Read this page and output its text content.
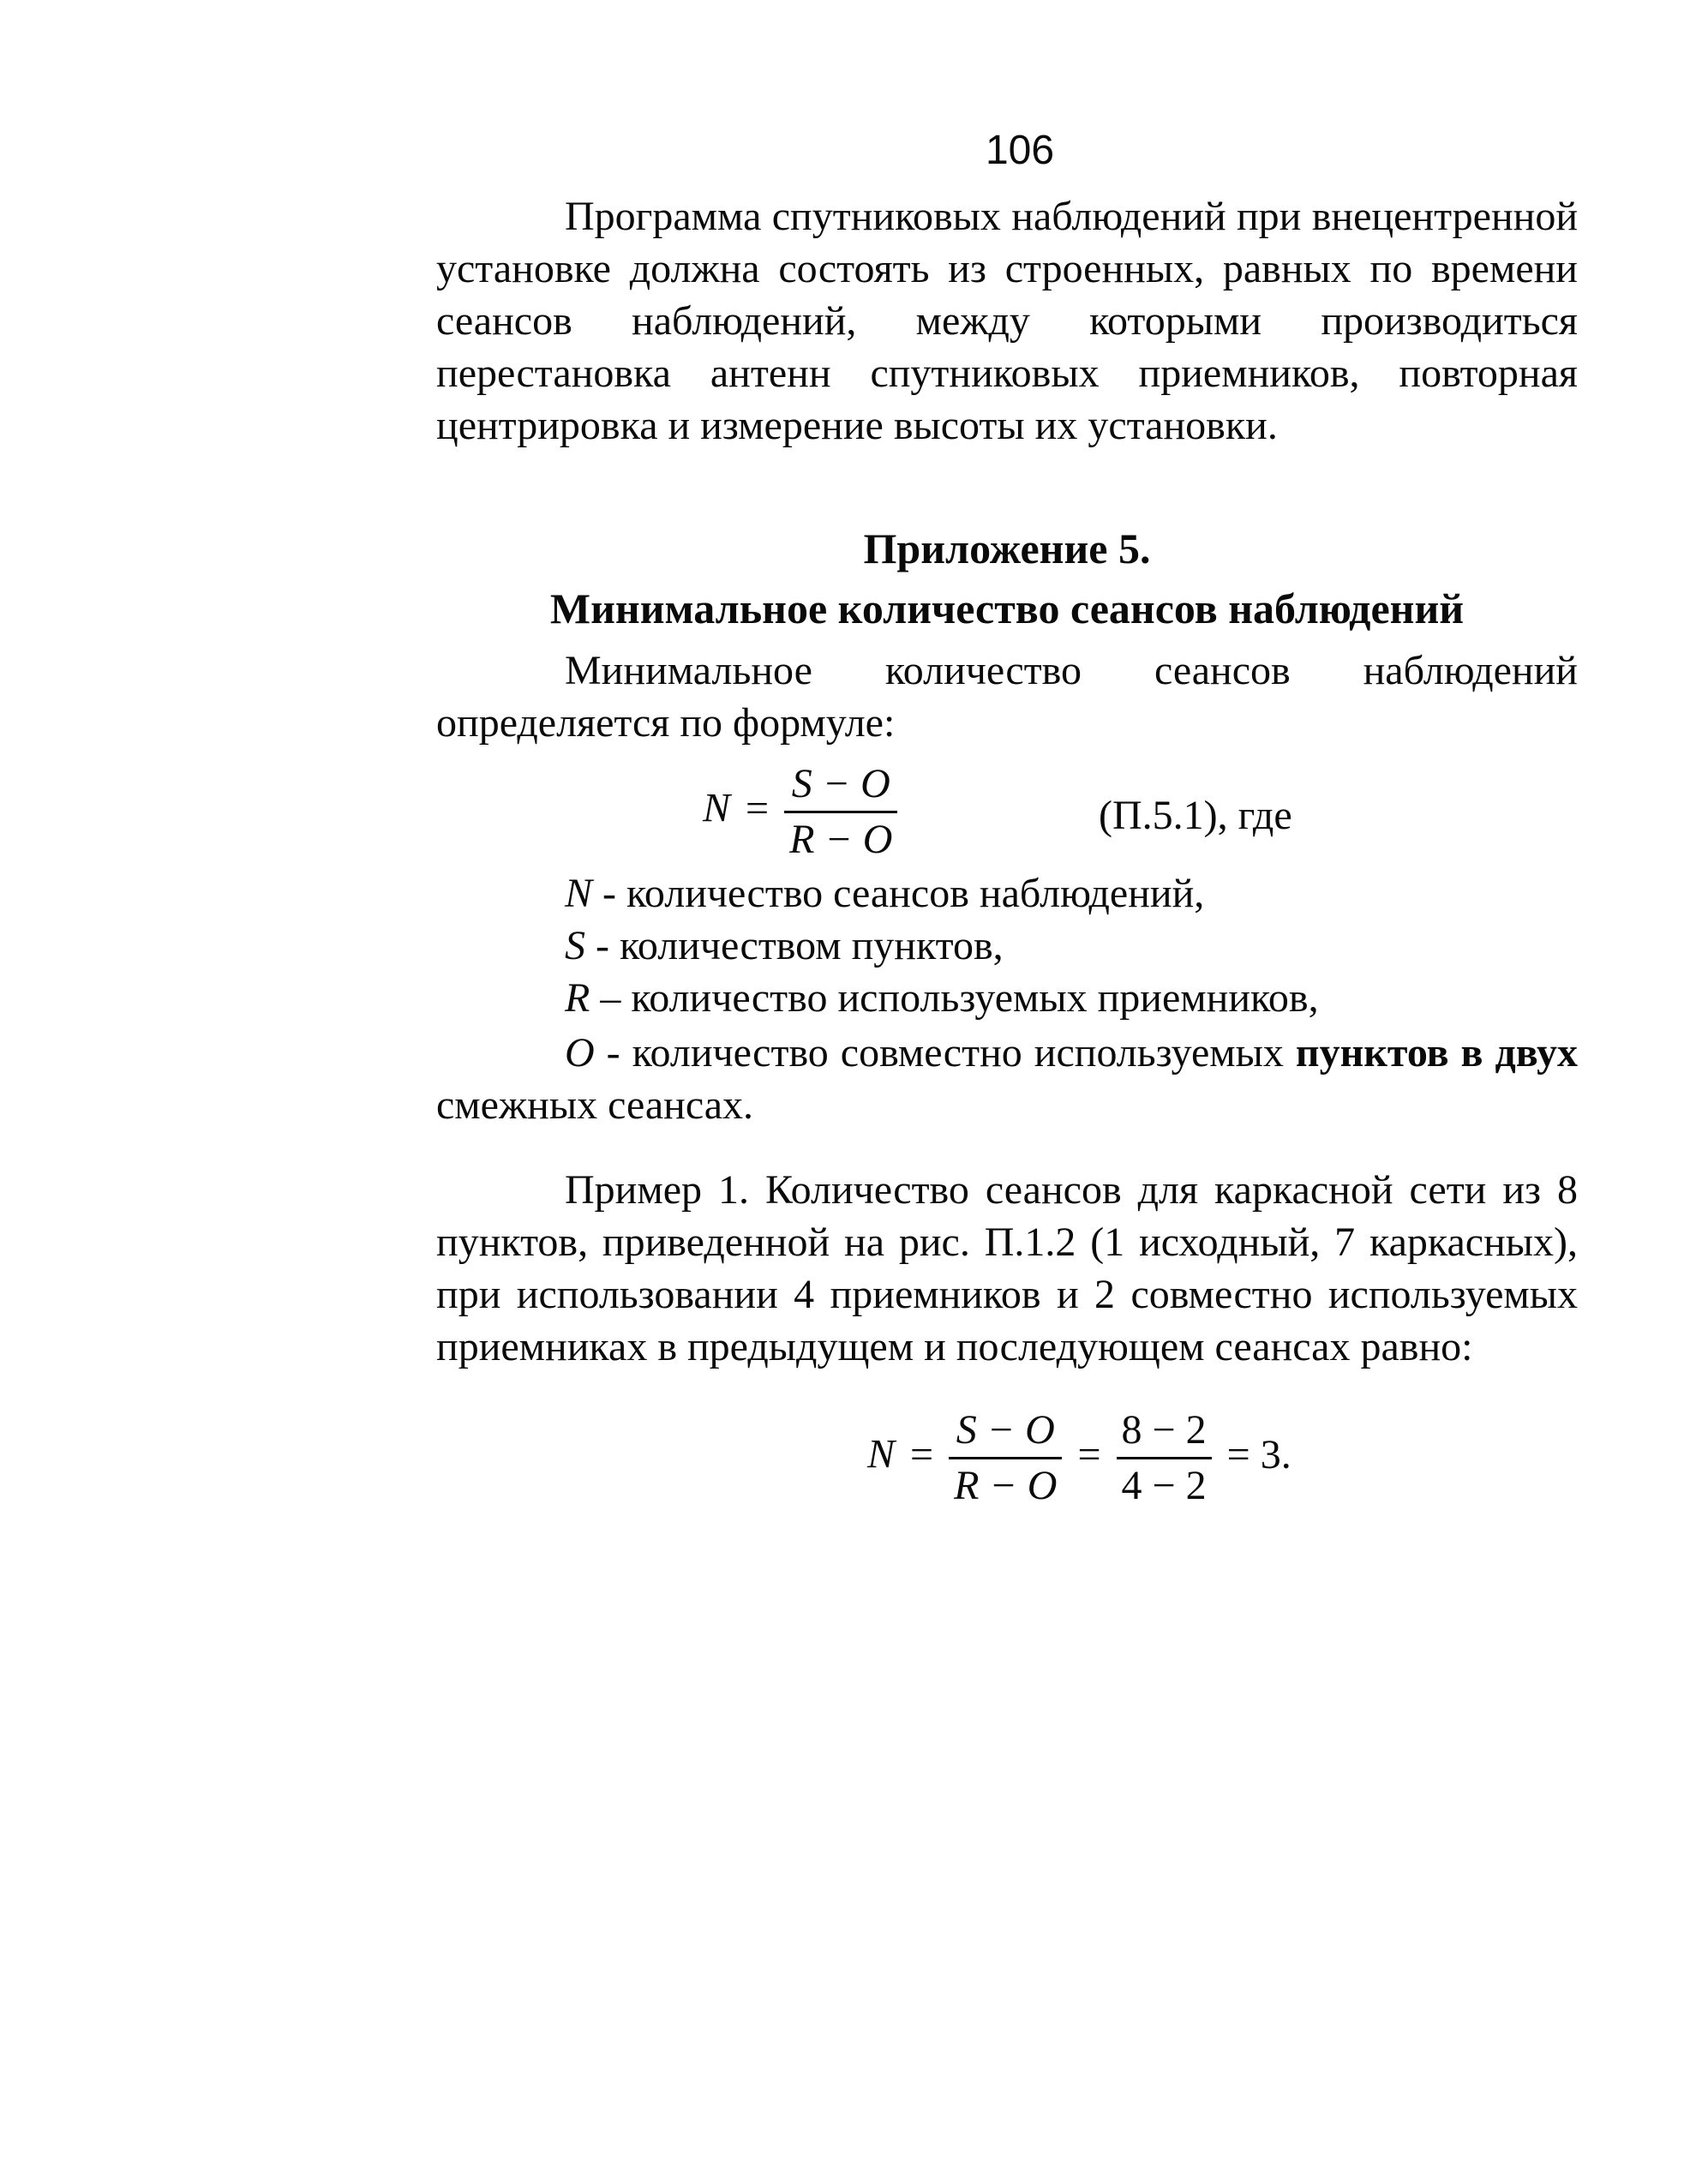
106

Программа спутниковых наблюдений при внецентренной установке должна состоять из строенных, равных по времени сеансов наблюдений, между которыми производиться перестановка антенн спутниковых приемников, повторная центрировка и измерение высоты их установки.

Приложение 5.
Минимальное количество сеансов наблюдений

Минимальное количество сеансов наблюдений определяется по формуле:

$N = \frac{S - O}{R - O}$	(П.5.1), где

N - количество сеансов наблюдений,

S - количеством пунктов,

R – количество используемых приемников,

O - количество совместно используемых пунктов в двух смежных сеансах.

Пример 1. Количество сеансов для каркасной сети из 8 пунктов, приведенной на рис. П.1.2 (1 исходный, 7 каркасных), при использовании 4 приемников и 2 совместно используемых приемниках в предыдущем и последующем сеансах равно:

$N = \frac{S - O}{R - O} = \frac{8 - 2}{4 - 2} = 3$.
